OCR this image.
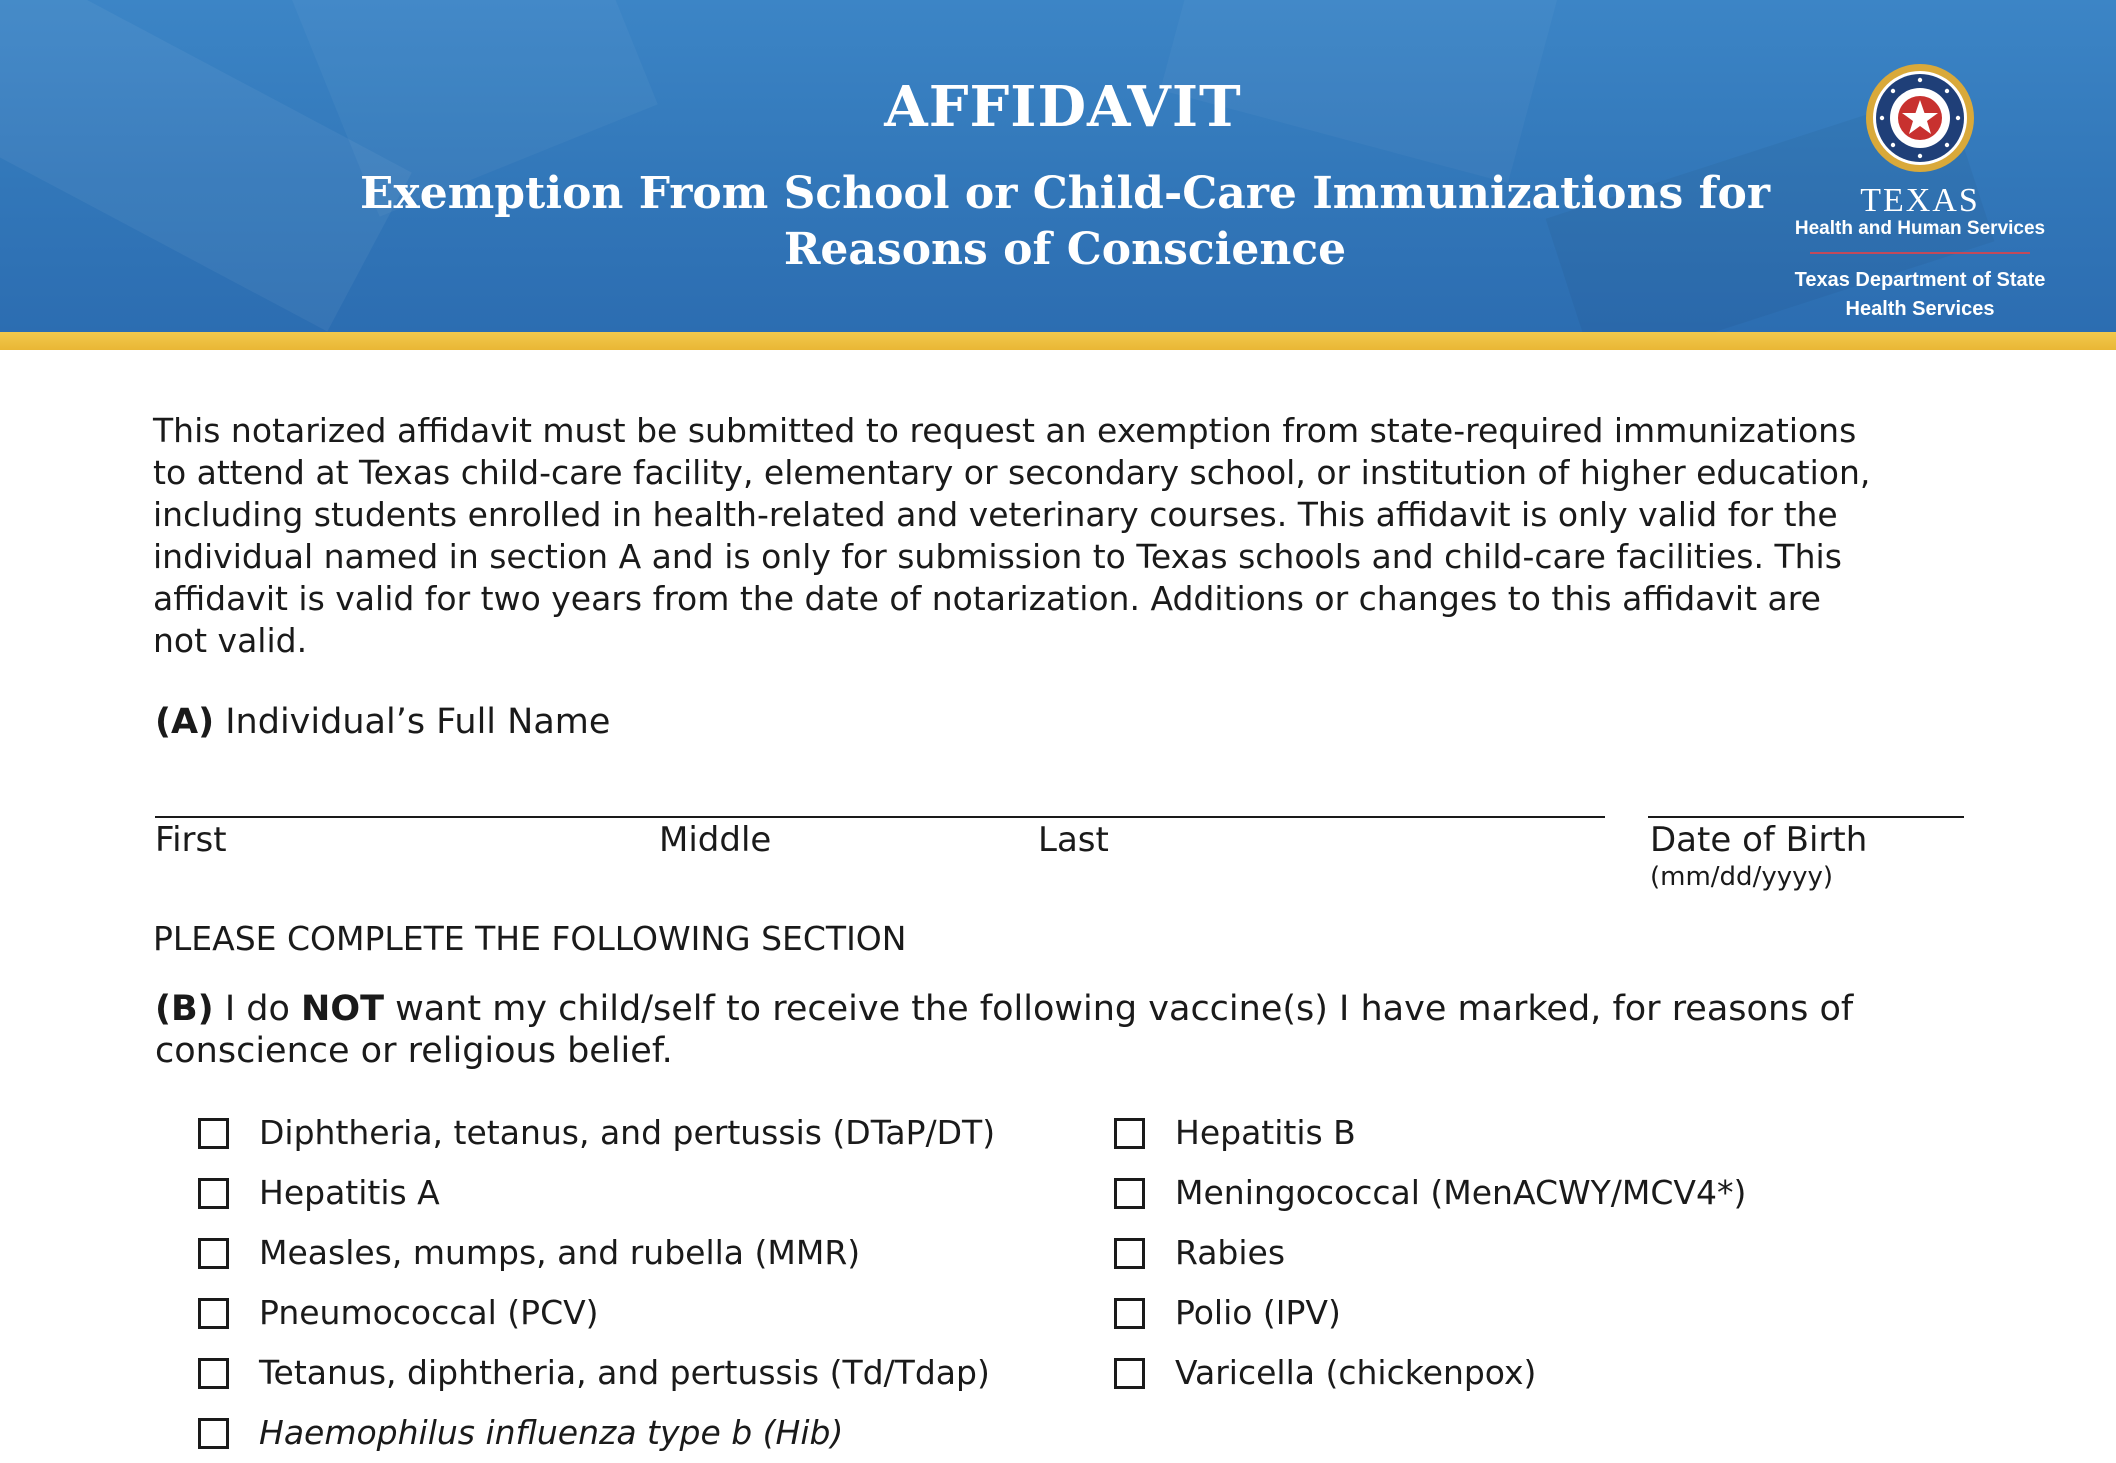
AFFIDAVIT
Exemption From School or Child-Care Immunizations for
Reasons of Conscience
TEXAS
Health and Human Services
Texas Department of State
Health Services
This notarized affidavit must be submitted to request an exemption from state-required immunizations
to attend at Texas child-care facility, elementary or secondary school, or institution of higher education,
including students enrolled in health-related and veterinary courses. This affidavit is only valid for the
individual named in section A and is only for submission to Texas schools and child-care facilities. This
affidavit is valid for two years from the date of notarization. Additions or changes to this affidavit are
not valid.

(A) Individual’s Full Name

First	Middle	Last	Date of Birth

(mm/dd/yyyy)

PLEASE COMPLETE THE FOLLOWING SECTION

(B) I do NOT want my child/self to receive the following vaccine(s) I have marked, for reasons of
conscience or religious belief.
Diphtheria, tetanus, and pertussis (DTaP/DT)
Hepatitis A
Measles, mumps, and rubella (MMR)
Pneumococcal (PCV)
Tetanus, diphtheria, and pertussis (Td/Tdap)
Haemophilus influenza type b (Hib)
Hepatitis B
Meningococcal (MenACWY/MCV4*)
Rabies
Polio (IPV)
Varicella (chickenpox)
